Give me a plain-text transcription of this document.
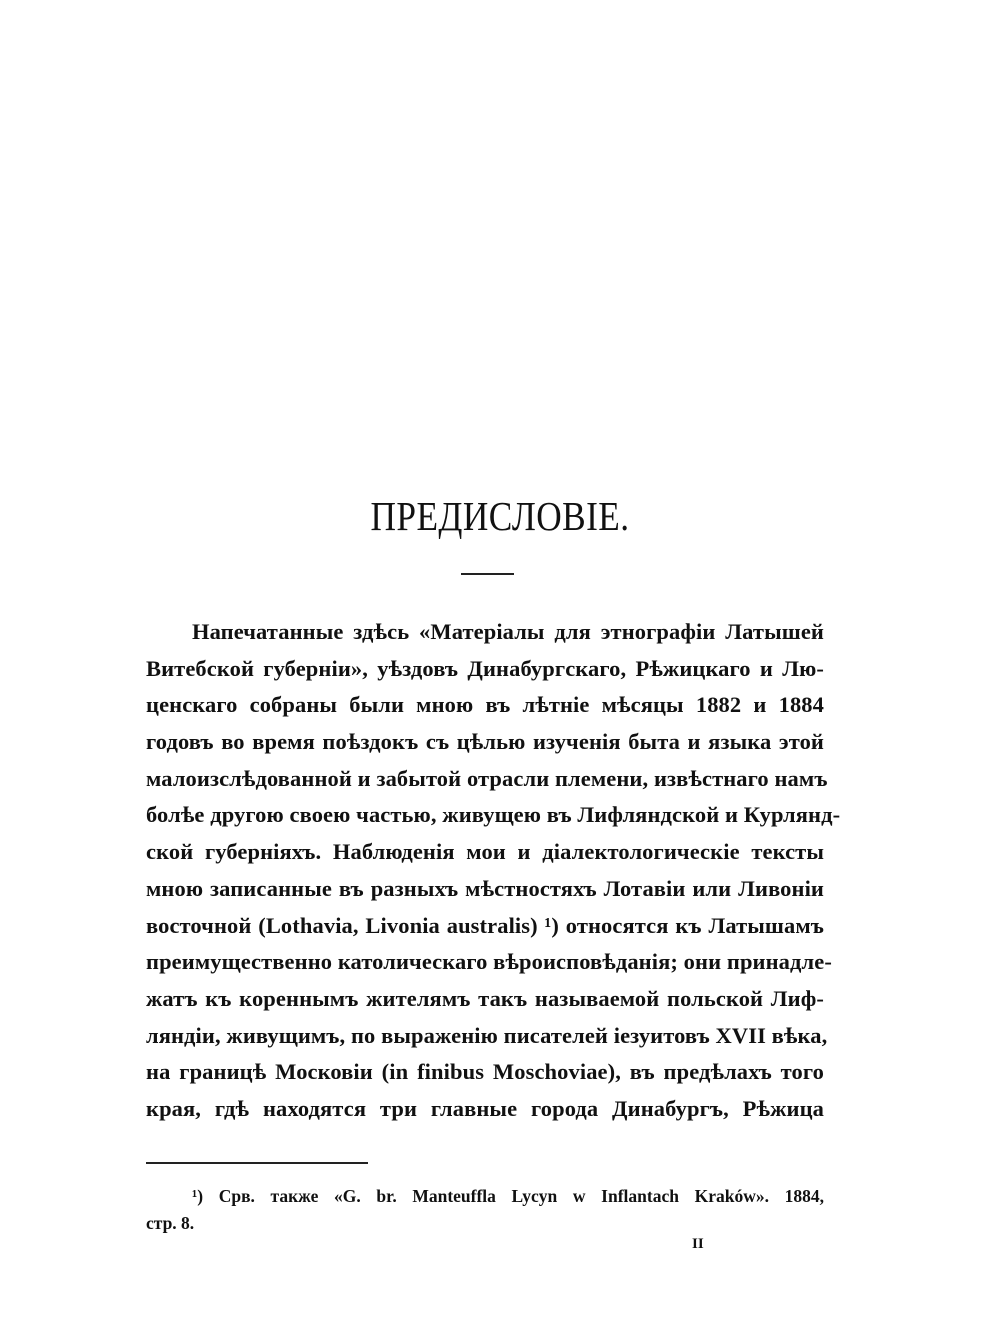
ПРЕДИСЛОВІЕ.
Напечатанные здѣсь «Матеріалы для этнографіи Латышей
Витебской губерніи», уѣздовъ Динабургскаго, Рѣжицкаго и Лю-
ценскаго собраны были мною въ лѣтніе мѣсяцы 1882 и 1884
годовъ во время поѣздокъ съ цѣлью изученія быта и языка этой
малоизслѣдованной и забытой отрасли племени, извѣстнаго намъ
болѣе другою своею частью, живущею въ Лифляндской и Курлянд-
ской губерніяхъ. Наблюденія мои и діалектологическіе тексты
мною записанные въ разныхъ мѣстностяхъ Лотавіи или Ливоніи
восточной (Lothavia, Livonia australis) ¹) относятся къ Латышамъ
преимущественно католическаго вѣроисповѣданія; они принадле-
жатъ къ кореннымъ жителямъ такъ называемой польской Лиф-
ляндіи, живущимъ, по выраженію писателей іезуитовъ XVII вѣка,
на границѣ Московіи (in finibus Moschoviae), въ предѣлахъ того
края, гдѣ находятся три главные города Динабургъ, Рѣжица
¹) Срв. также «G. br. Manteuffla Lycyn w Inflantach Kraków». 1884,
стр. 8.
II
